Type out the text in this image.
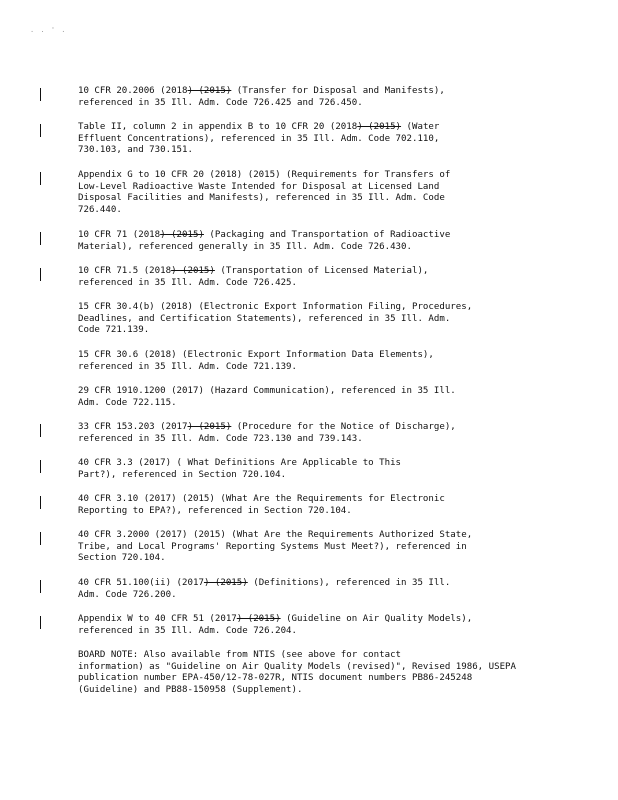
. . ' .
10 CFR 20.2006 (2018) (2015) (Transfer for Disposal and Manifests),
referenced in 35 Ill. Adm. Code 726.425 and 726.450.
Table II, column 2 in appendix B to 10 CFR 20 (2018) (2015) (Water
Effluent Concentrations), referenced in 35 Ill. Adm. Code 702.110,
730.103, and 730.151.
Appendix G to 10 CFR 20 (2018) (2015) (Requirements for Transfers of
Low-Level Radioactive Waste Intended for Disposal at Licensed Land
Disposal Facilities and Manifests), referenced in 35 Ill. Adm. Code
726.440.
10 CFR 71 (2018) (2015) (Packaging and Transportation of Radioactive
Material), referenced generally in 35 Ill. Adm. Code 726.430.
10 CFR 71.5 (2018) (2015) (Transportation of Licensed Material),
referenced in 35 Ill. Adm. Code 726.425.
15 CFR 30.4(b) (2018) (Electronic Export Information Filing, Procedures,
Deadlines, and Certification Statements), referenced in 35 Ill. Adm.
Code 721.139.
15 CFR 30.6 (2018) (Electronic Export Information Data Elements),
referenced in 35 Ill. Adm. Code 721.139.
29 CFR 1910.1200 (2017) (Hazard Communication), referenced in 35 Ill.
Adm. Code 722.115.
33 CFR 153.203 (2017) (2015) (Procedure for the Notice of Discharge),
referenced in 35 Ill. Adm. Code 723.130 and 739.143.
40 CFR 3.3 (2017) ( What Definitions Are Applicable to This
Part?), referenced in Section 720.104.
40 CFR 3.10 (2017) (2015) (What Are the Requirements for Electronic
Reporting to EPA?), referenced in Section 720.104.
40 CFR 3.2000 (2017) (2015) (What Are the Requirements Authorized State,
Tribe, and Local Programs' Reporting Systems Must Meet?), referenced in
Section 720.104.
40 CFR 51.100(ii) (2017) (2015) (Definitions), referenced in 35 Ill.
Adm. Code 726.200.
Appendix W to 40 CFR 51 (2017) (2015) (Guideline on Air Quality Models),
referenced in 35 Ill. Adm. Code 726.204.
BOARD NOTE: Also available from NTIS (see above for contact
information) as "Guideline on Air Quality Models (revised)", Revised 1986, USEPA
publication number EPA-450/12-78-027R, NTIS document numbers PB86-245248
(Guideline) and PB88-150958 (Supplement).
